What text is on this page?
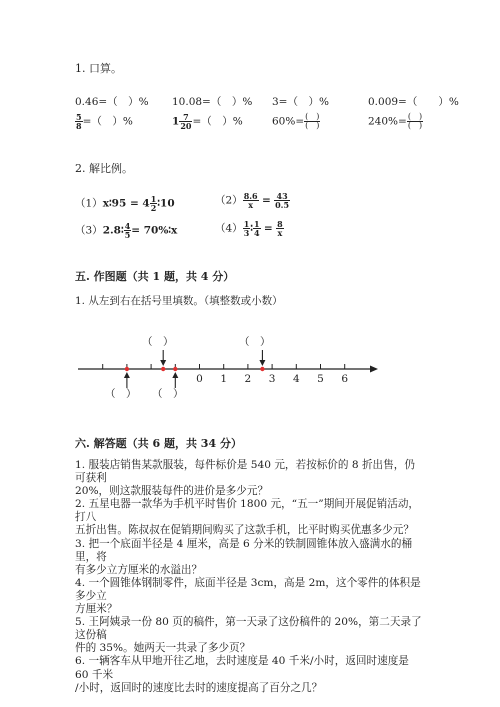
1. 口算。
0.46=（　）% 10.08=（　）% 3=（　）%	0.009=（　　）%
$\frac{5}{8}$ =（　）%	$1 \frac{7}{20}$ =（　）%	$60\%= \frac{( )}{( )}$	$240\%= \frac{( )}{( )}$
2. 解比例。
（1）x∶95 = $4 \frac{1}{2}$ ∶10	$(2) \frac{8.6}{x} = \frac{43}{0.5}$
（3）2.8∶ $\frac{4}{5}$ = 70%∶x	$(4) \frac{1}{3}$ ∶ $\frac{1}{4} = \frac{8}{x}$
五. 作图题（共 1 题，共 4 分）
1. 从左到右在括号里填数。（填整数或小数）
（　）	（　）
（　） （　）
0 1 2 3 4 5 6
六. 解答题（共 6 题，共 34 分）

1. 服装店销售某款服装，每件标价是 540 元，若按标价的 8 折出售，仍可获利

20%，则这款服装每件的进价是多少元？

2. 五星电器一款华为手机平时售价 1800 元，“五一”期间开展促销活动，打八

五折出售。陈叔叔在促销期间购买了这款手机，比平时购买优惠多少元？

3. 把一个底面半径是 4 厘米，高是 6 分米的铁制圆锥体放入盛满水的桶里，将

有多少立方厘米的水溢出？

4. 一个圆锥体钢制零件，底面半径是 3cm，高是 2m，这个零件的体积是多少立

方厘米？

5. 王阿姨录一份 80 页的稿件，第一天录了这份稿件的 20%，第二天录了这份稿

件的 35%。她两天一共录了多少页？

6. 一辆客车从甲地开往乙地，去时速度是 40 千米/小时，返回时速度是 60 千米

/小时，返回时的速度比去时的速度提高了百分之几？
